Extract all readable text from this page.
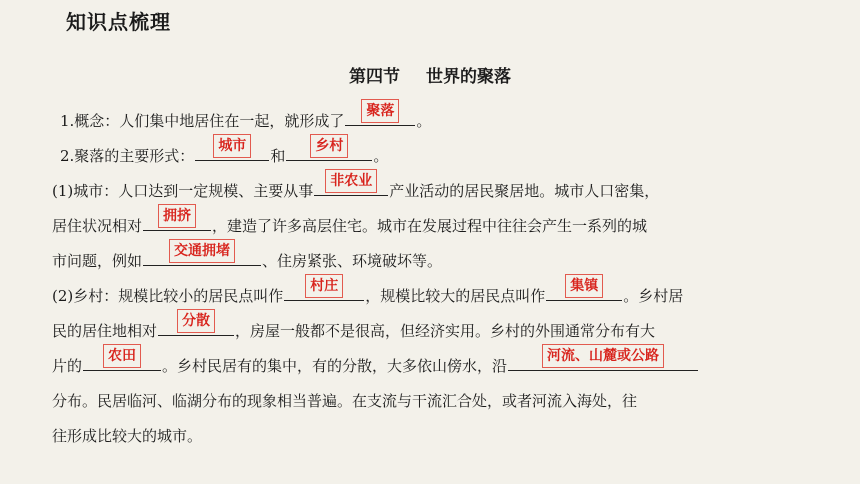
知识点梳理
第四节 世界的聚落
1.概念：人们集中地居住在一起，就形成了
聚落
。
2.聚落的主要形式：
城市
和
乡村
。
(1)城市：人口达到一定规模、主要从事
非农业
产业活动的居民聚居地。城市人口密集，
居住状况相对
拥挤
，建造了许多高层住宅。城市在发展过程中往往会产生一系列的城
市问题，例如
交通拥堵
、住房紧张、环境破坏等。
(2)乡村：规模比较小的居民点叫作
村庄
，规模比较大的居民点叫作
集镇
。乡村居
民的居住地相对
分散
，房屋一般都不是很高，但经济实用。乡村的外围通常分布有大
片的
农田
。乡村民居有的集中，有的分散，大多依山傍水，沿
河流、山麓或公路
分布。民居临河、临湖分布的现象相当普遍。在支流与干流汇合处，或者河流入海处，往
往形成比较大的城市。
